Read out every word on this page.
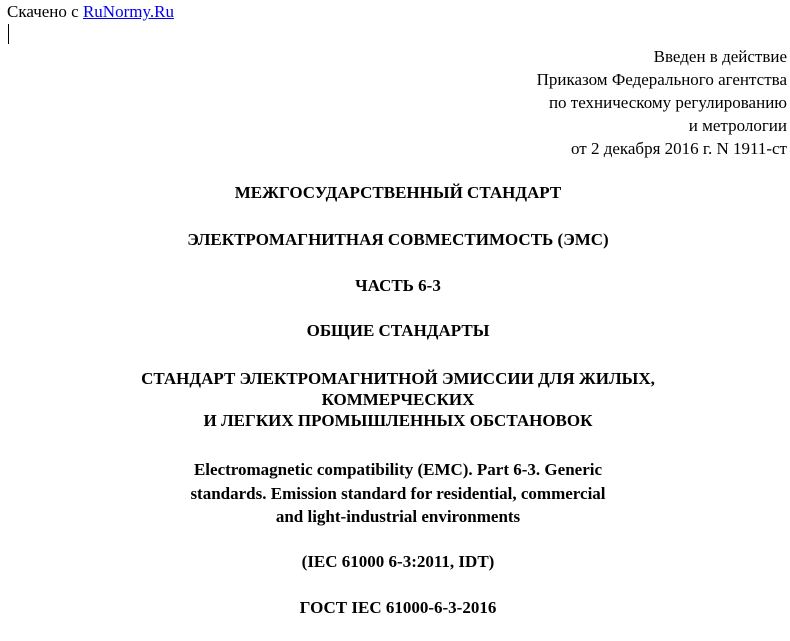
Скачено с RuNormy.Ru
Введен в действие
Приказом Федерального агентства
по техническому регулированию
и метрологии
от 2 декабря 2016 г. N 1911-ст
МЕЖГОСУДАРСТВЕННЫЙ СТАНДАРТ
ЭЛЕКТРОМАГНИТНАЯ СОВМЕСТИМОСТЬ (ЭМС)
ЧАСТЬ 6-3
ОБЩИЕ СТАНДАРТЫ
СТАНДАРТ ЭЛЕКТРОМАГНИТНОЙ ЭМИССИИ ДЛЯ ЖИЛЫХ,
КОММЕРЧЕСКИХ
И ЛЕГКИХ ПРОМЫШЛЕННЫХ ОБСТАНОВОК
Electromagnetic compatibility (EMC). Part 6-3. Generic
standards. Emission standard for residential, commercial
and light-industrial environments
(IEC 61000 6-3:2011, IDT)
ГОСТ IEC 61000-6-3-2016
